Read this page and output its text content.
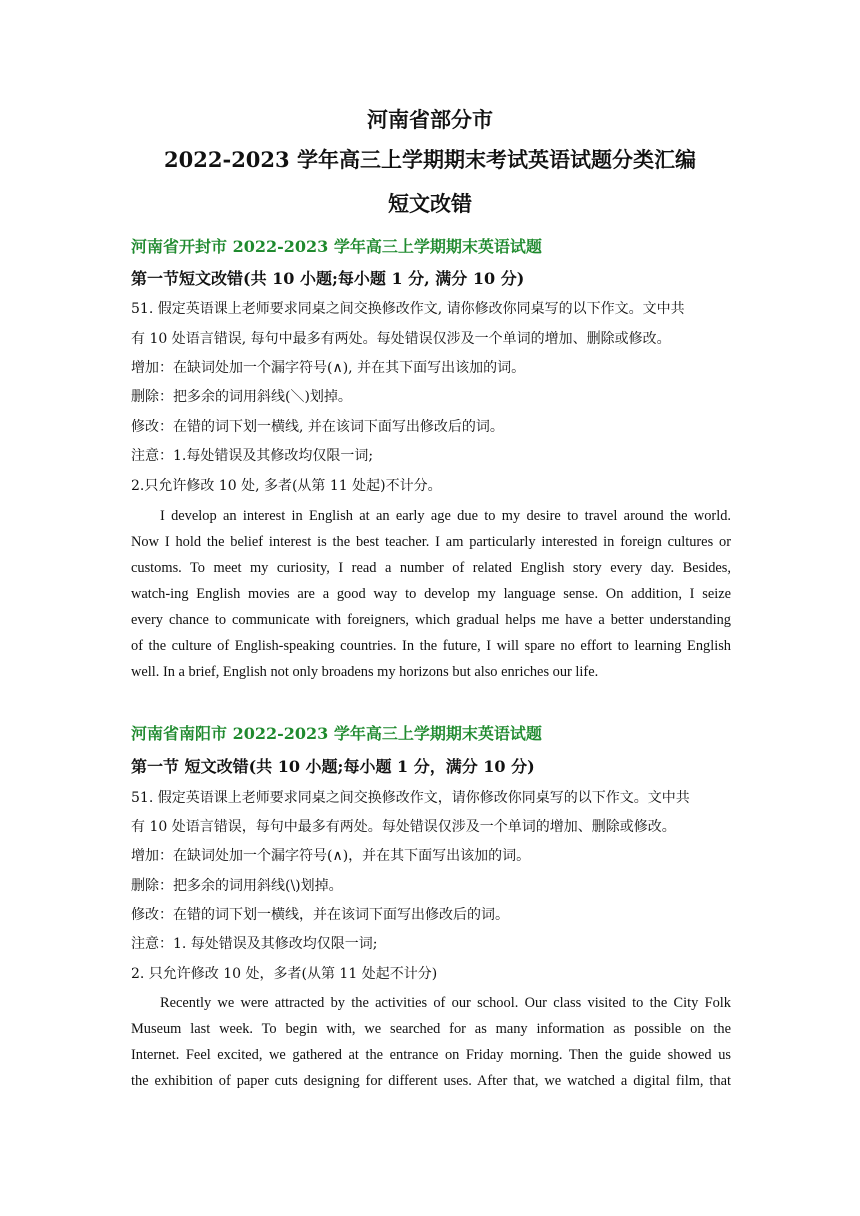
河南省部分市
2022-2023 学年高三上学期期末考试英语试题分类汇编
短文改错
河南省开封市 2022-2023 学年高三上学期期末英语试题
第一节短文改错(共 10 小题;每小题 1 分, 满分 10 分)
51. 假定英语课上老师要求同桌之间交换修改作文, 请你修改你同桌写的以下作文。文中共
有 10 处语言错误, 每句中最多有两处。每处错误仅涉及一个单词的增加、删除或修改。
增加：在缺词处加一个漏字符号(∧), 并在其下面写出该加的词。
删除：把多余的词用斜线(＼)划掉。
修改：在错的词下划一横线, 并在该词下面写出修改后的词。
注意：1.每处错误及其修改均仅限一词;
2.只允许修改 10 处, 多者(从第 11 处起)不计分。
I develop an interest in English at an early age due to my desire to travel around the world.
Now I hold the belief interest is the best teacher. I am particularly interested in foreign cultures or
customs. To meet my curiosity, I read a number of related English story every day. Besides,
watch-ing English movies are a good way to develop my language sense. On addition, I seize
every chance to communicate with foreigners, which gradual helps me have a better understanding
of the culture of English-speaking countries. In the future, I will spare no effort to learning English
well. In a brief, English not only broadens my horizons but also enriches our life.
河南省南阳市 2022-2023 学年高三上学期期末英语试题
第一节 短文改错(共 10 小题;每小题 1 分，满分 10 分)
51. 假定英语课上老师要求同桌之间交换修改作文，请你修改你同桌写的以下作文。文中共
有 10 处语言错误，每句中最多有两处。每处错误仅涉及一个单词的增加、删除或修改。
增加：在缺词处加一个漏字符号(∧)，并在其下面写出该加的词。
删除：把多余的词用斜线(\)划掉。
修改：在错的词下划一横线，并在该词下面写出修改后的词。
注意：1. 每处错误及其修改均仅限一词;
2. 只允许修改 10 处，多者(从第 11 处起不计分)
Recently we were attracted by the activities of our school. Our class visited to the City Folk
Museum last week. To begin with, we searched for as many information as possible on the
Internet. Feel excited, we gathered at the entrance on Friday morning. Then the guide showed us
the exhibition of paper cuts designing for different uses. After that, we watched a digital film, that
